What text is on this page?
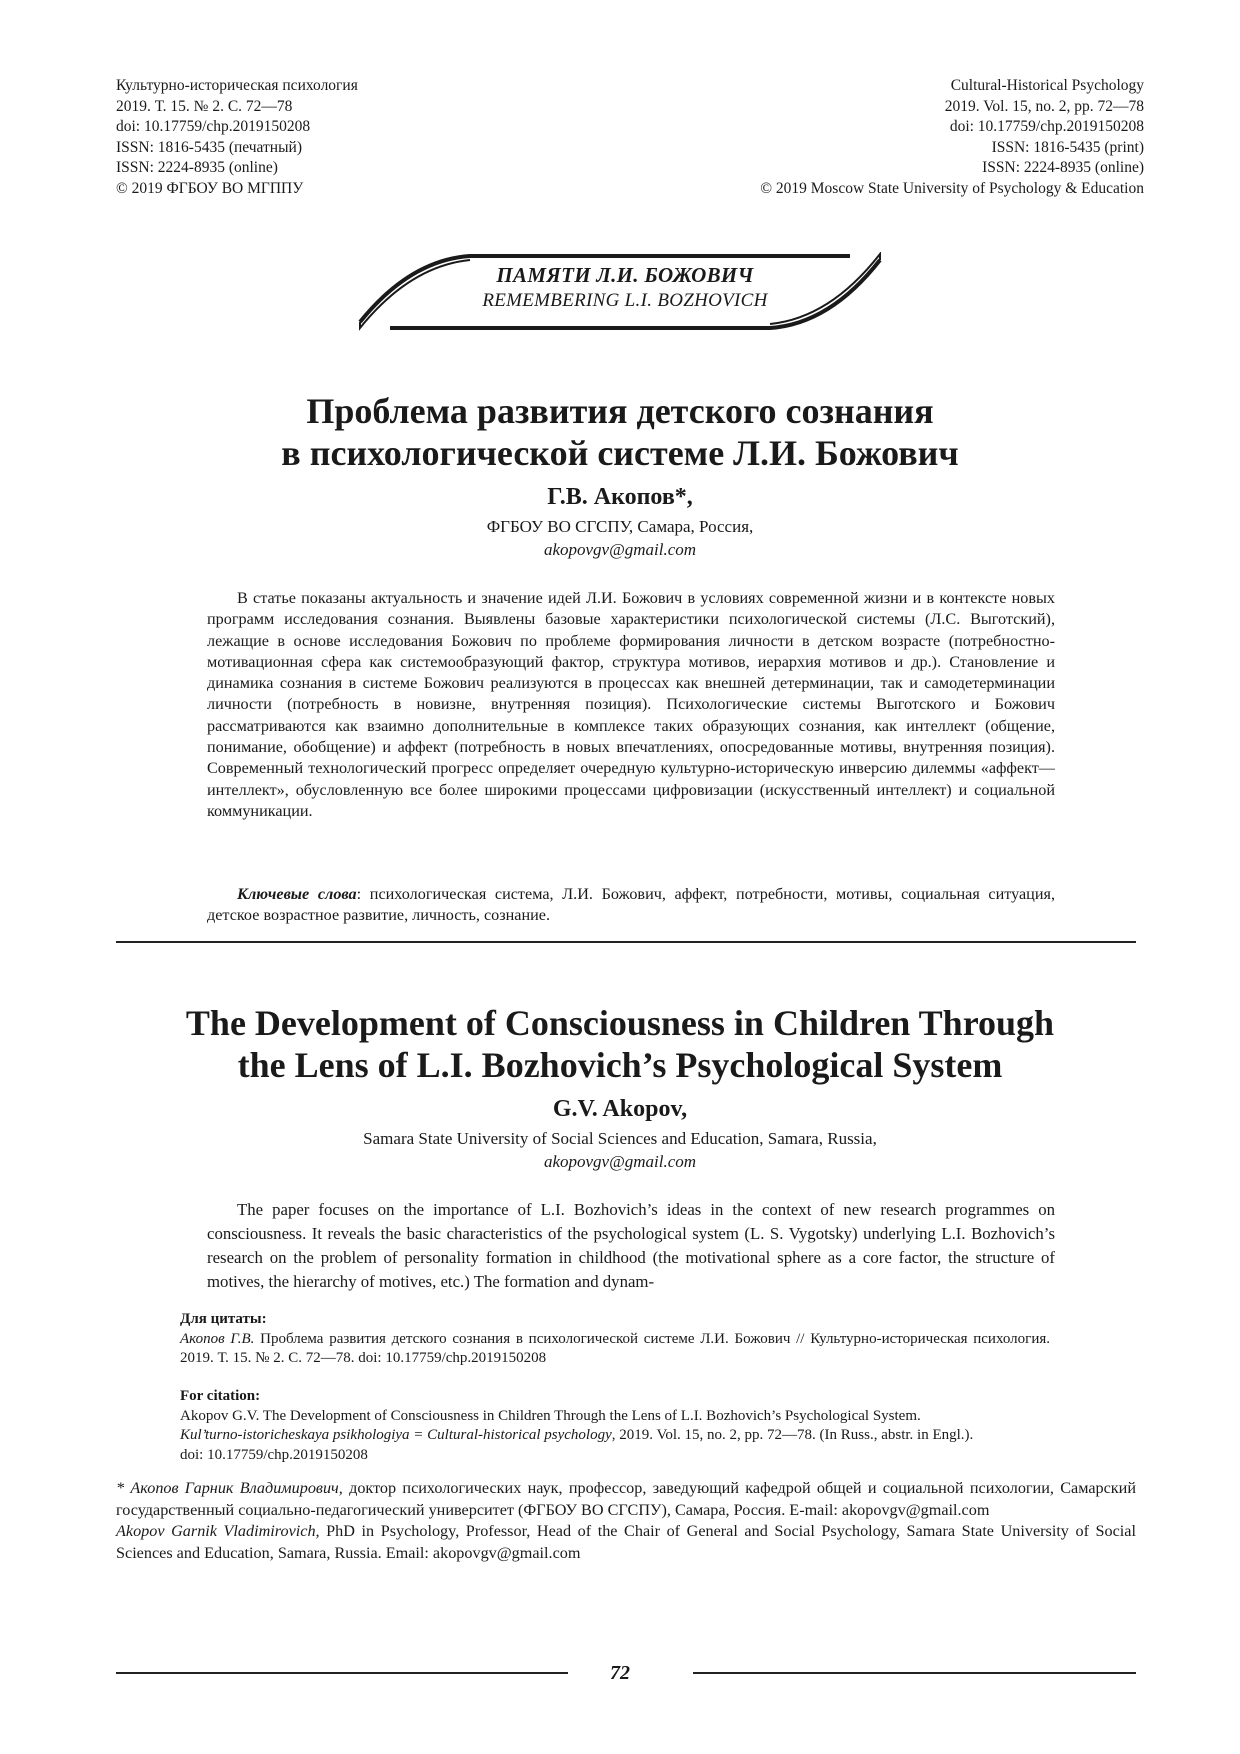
Культурно-историческая психология
2019. Т. 15. № 2. С. 72—78
doi: 10.17759/chp.2019150208
ISSN: 1816-5435 (печатный)
ISSN: 2224-8935 (online)
© 2019 ФГБОУ ВО МГППУ
Cultural-Historical Psychology
2019. Vol. 15, no. 2, pp. 72—78
doi: 10.17759/chp.2019150208
ISSN: 1816-5435 (print)
ISSN: 2224-8935 (online)
© 2019 Moscow State University of Psychology & Education
ПАМЯТИ Л.И. БОЖОВИЧ
REMEMBERING L.I. BOZHOVICH
Проблема развития детского сознания
в психологической системе Л.И. Божович
Г.В. Акопов*,
ФГБОУ ВО СГСПУ, Самара, Россия,
akopovgv@gmail.com

В статье показаны актуальность и значение идей Л.И. Божович в условиях современной жизни и в контексте новых программ исследования сознания. Выявлены базовые характеристики психологической системы (Л.С. Выготский), лежащие в основе исследования Божович по проблеме формирования личности в детском возрасте (потребностно-мотивационная сфера как системообразующий фактор, структура мотивов, иерархия мотивов и др.). Становление и динамика сознания в системе Божович реализуются в процессах как внешней детерминации, так и самодетерминации личности (потребность в новизне, внутренняя позиция). Психологические системы Выготского и Божович рассматриваются как взаимно дополнительные в комплексе таких образующих сознания, как интеллект (общение, понимание, обобщение) и аффект (потребность в новых впечатлениях, опосредованные мотивы, внутренняя позиция). Современный технологический прогресс определяет очередную культурно-историческую инверсию дилеммы «аффект—интеллект», обусловленную все более широкими процессами цифровизации (искусственный интеллект) и социальной коммуникации.

Ключевые слова: психологическая система, Л.И. Божович, аффект, потребности, мотивы, социальная ситуация, детское возрастное развитие, личность, сознание.

The Development of Consciousness in Children Through
the Lens of L.I. Bozhovich’s Psychological System
G.V. Akopov,
Samara State University of Social Sciences and Education, Samara, Russia,
akopovgv@gmail.com

The paper focuses on the importance of L.I. Bozhovich’s ideas in the context of new research programmes on consciousness. It reveals the basic characteristics of the psychological system (L. S. Vygotsky) underlying L.I. Bozhovich’s research on the problem of personality formation in childhood (the motivational sphere as a core factor, the structure of motives, the hierarchy of motives, etc.) The formation and dynam-

Для цитаты:
Акопов Г.В. Проблема развития детского сознания в психологической системе Л.И. Божович // Культурно-историческая психология. 2019. Т. 15. № 2. С. 72—78. doi: 10.17759/chp.2019150208
For citation:
Akopov G.V. The Development of Consciousness in Children Through the Lens of L.I. Bozhovich’s Psychological System.
Kul’turno-istoricheskaya psikhologiya = Cultural-historical psychology, 2019. Vol. 15, no. 2, pp. 72—78. (In Russ., abstr. in Engl.).
doi: 10.17759/chp.2019150208

* Акопов Гарник Владимирович, доктор психологических наук, профессор, заведующий кафедрой общей и социальной психологии, Самарский государственный социально-педагогический университет (ФГБОУ ВО СГСПУ), Самара, Россия. E-mail: akopovgv@gmail.com

Akopov Garnik Vladimirovich, PhD in Psychology, Professor, Head of the Chair of General and Social Psychology, Samara State University of Social Sciences and Education, Samara, Russia. Email: akopovgv@gmail.com

72
